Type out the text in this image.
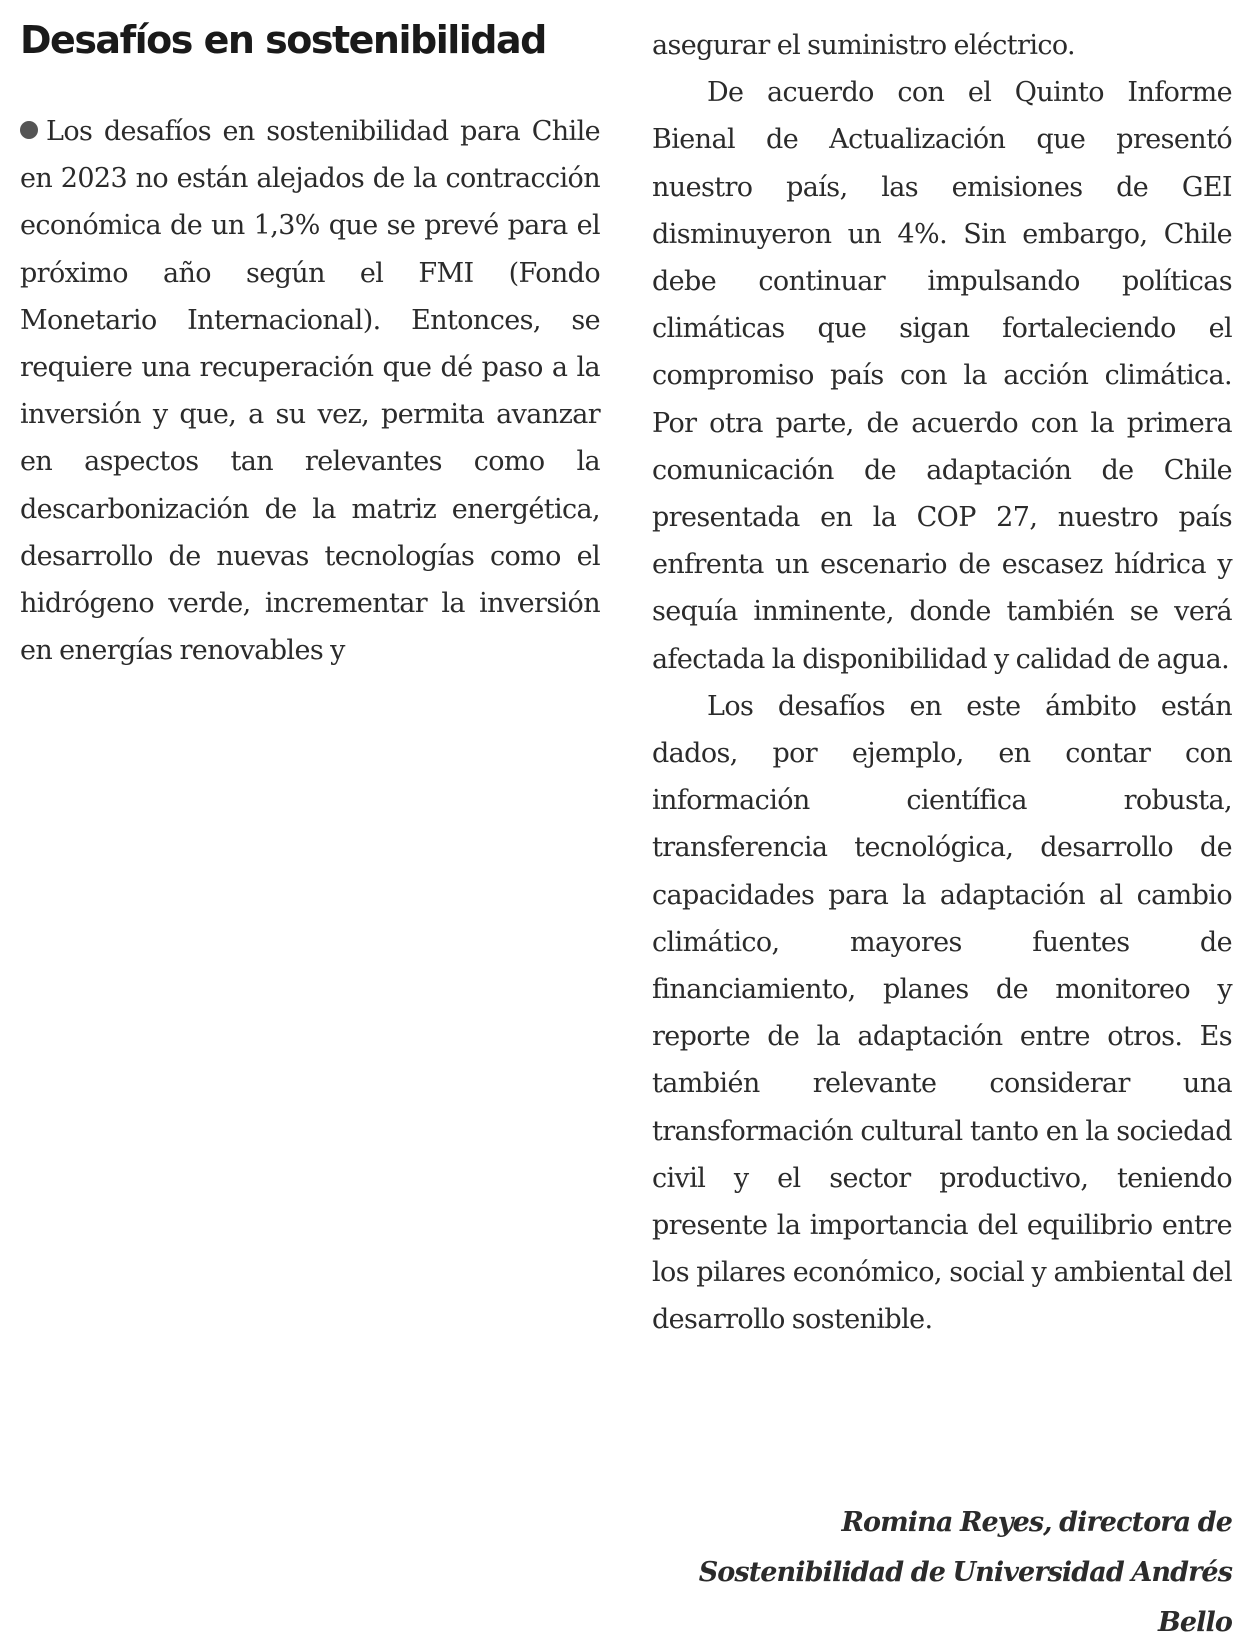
Desafíos en sostenibilidad

Los desafíos en sostenibilidad para Chile en 2023 no están alejados de la contracción económica de un 1,3% que se prevé para el próximo año según el FMI (Fondo Monetario Internacional). Entonces, se requiere una recuperación que dé paso a la inversión y que, a su vez, permita avanzar en aspectos tan relevantes como la descarbonización de la matriz energética, desarrollo de nuevas tecnologías como el hidrógeno verde, incrementar la inversión en energías renovables y

asegurar el suministro eléctrico.

De acuerdo con el Quinto Informe Bienal de Actualización que presentó nuestro país, las emisiones de GEI disminuyeron un 4%. Sin embargo, Chile debe continuar impulsando políticas climáticas que sigan fortaleciendo el compromiso país con la acción climática. Por otra parte, de acuerdo con la primera comunicación de adaptación de Chile presentada en la COP 27, nuestro país enfrenta un escenario de escasez hídrica y sequía inminente, donde también se verá afectada la disponibilidad y calidad de agua.

Los desafíos en este ámbito están dados, por ejemplo, en contar con información científica robusta, transferencia tecnológica, desarrollo de capacidades para la adaptación al cambio climático, mayores fuentes de financiamiento, planes de monitoreo y reporte de la adaptación entre otros. Es también relevante considerar una transformación cultural tanto en la sociedad civil y el sector productivo, teniendo presente la importancia del equilibrio entre los pilares económico, social y ambiental del desarrollo sostenible.

Romina Reyes, directora de Sostenibilidad de Universidad Andrés Bello
